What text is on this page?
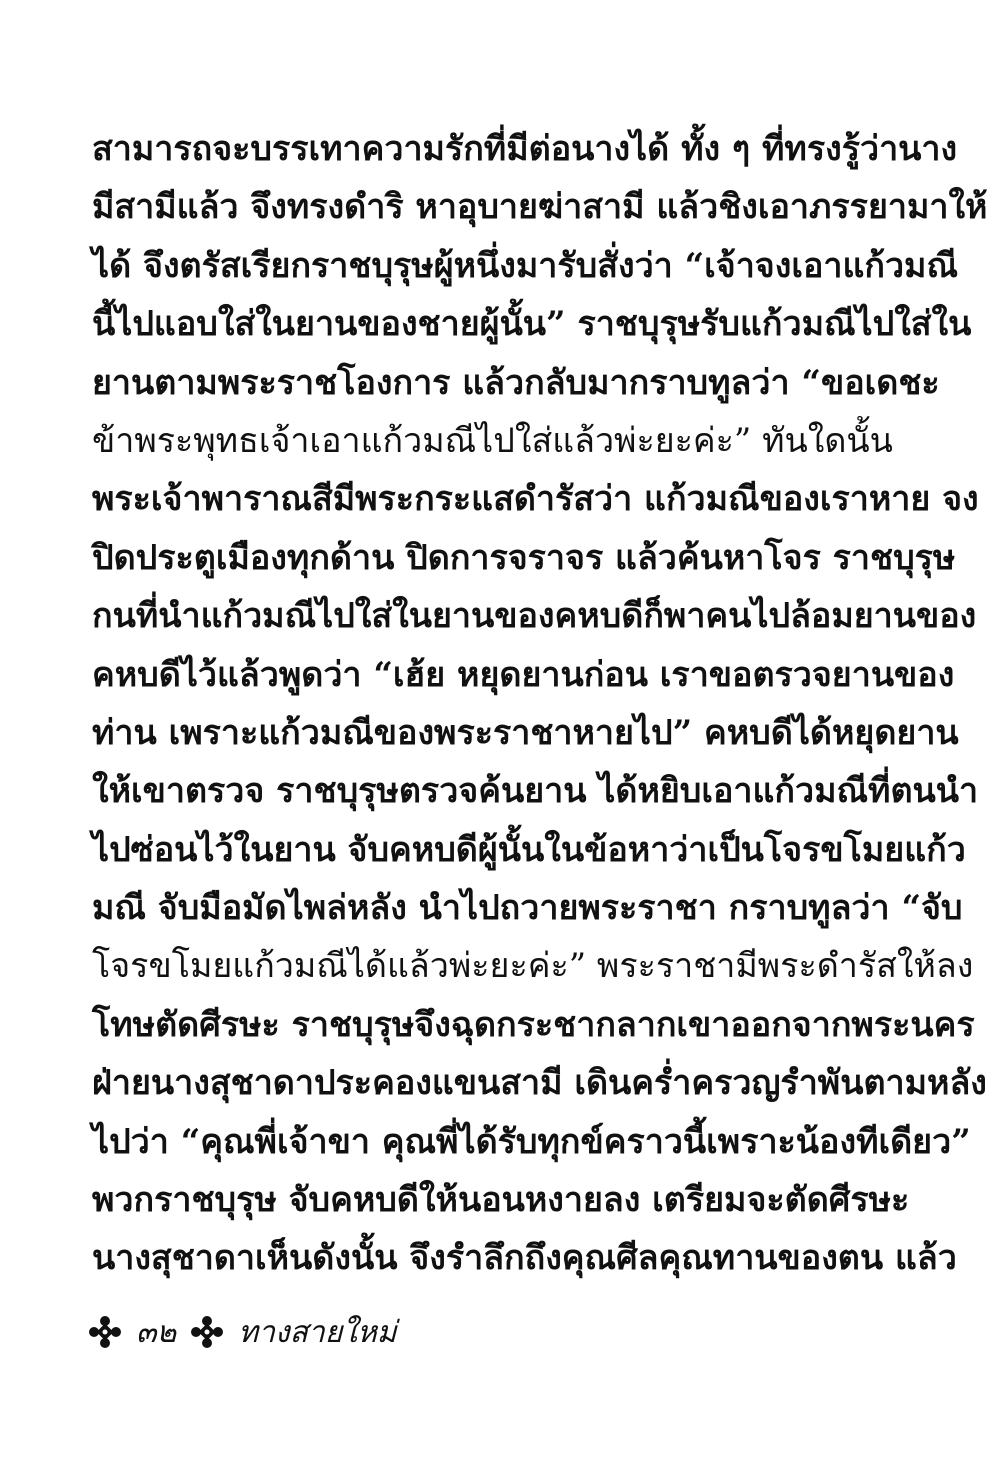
สามารถจะบรรเทาความรักที่มีต่อนางได้ ทั้ง ๆ ที่ทรงรู้ว่านาง
มีสามีแล้ว จึงทรงดำริ หาอุบายฆ่าสามี แล้วชิงเอาภรรยามาให้
ได้ จึงตรัสเรียกราชบุรุษผู้หนึ่งมารับสั่งว่า “เจ้าจงเอาแก้วมณี
นี้ไปแอบใส่ในยานของชายผู้นั้น” ราชบุรุษรับแก้วมณีไปใส่ใน
ยานตามพระราชโองการ แล้วกลับมากราบทูลว่า “ขอเดชะ
ข้าพระพุทธเจ้าเอาแก้วมณีไปใส่แล้วพ่ะยะค่ะ” ทันใดนั้น
พระเจ้าพาราณสีมีพระกระแสดำรัสว่า แก้วมณีของเราหาย จง
ปิดประตูเมืองทุกด้าน ปิดการจราจร แล้วค้นหาโจร ราชบุรุษ
กนที่นำแก้วมณีไปใส่ในยานของคหบดีก็พาคนไปล้อมยานของ
คหบดีไว้แล้วพูดว่า “เฮ้ย หยุดยานก่อน เราขอตรวจยานของ
ท่าน เพราะแก้วมณีของพระราชาหายไป” คหบดีได้หยุดยาน
ให้เขาตรวจ ราชบุรุษตรวจค้นยาน ได้หยิบเอาแก้วมณีที่ตนนำ
ไปซ่อนไว้ในยาน จับคหบดีผู้นั้นในข้อหาว่าเป็นโจรขโมยแก้ว
มณี จับมือมัดไพล่หลัง นำไปถวายพระราชา กราบทูลว่า “จับ
โจรขโมยแก้วมณีได้แล้วพ่ะยะค่ะ” พระราชามีพระดำรัสให้ลง
โทษตัดศีรษะ ราชบุรุษจึงฉุดกระชากลากเขาออกจากพระนคร
ฝ่ายนางสุชาดาประคองแขนสามี เดินคร่ำครวญรำพันตามหลัง
ไปว่า “คุณพี่เจ้าขา คุณพี่ได้รับทุกข์คราวนี้เพราะน้องทีเดียว”
พวกราชบุรุษ จับคหบดีให้นอนหงายลง เตรียมจะตัดศีรษะ
นางสุชาดาเห็นดังนั้น จึงรำลึกถึงคุณศีลคุณทานของตน แล้ว
๓๒ ทางสายใหม่
